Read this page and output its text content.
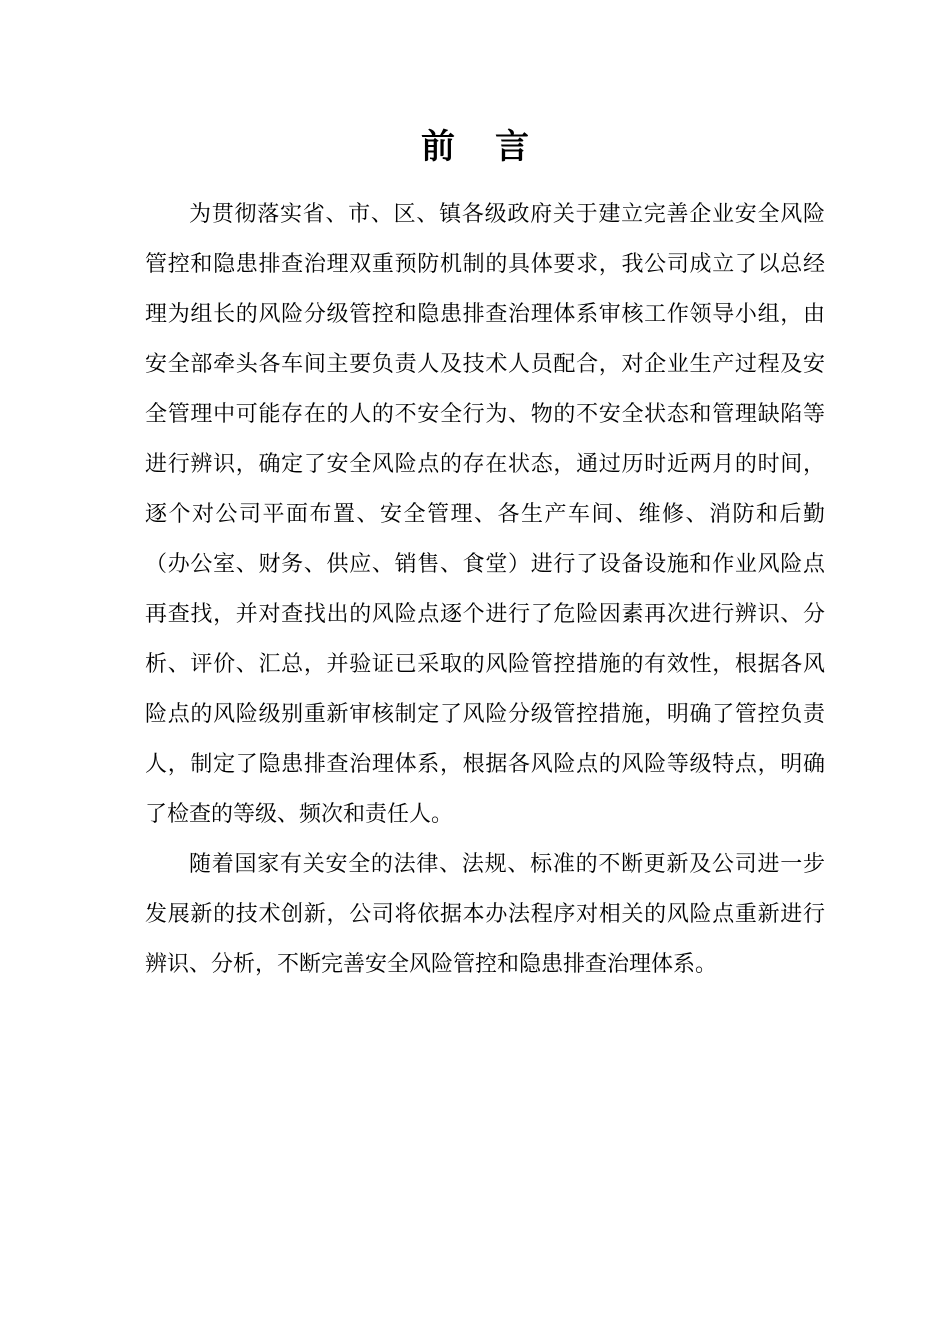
前言

为贯彻落实省、市、区、镇各级政府关于建立完善企业安全风险管控和隐患排查治理双重预防机制的具体要求，我公司成立了以总经理为组长的风险分级管控和隐患排查治理体系审核工作领导小组，由安全部牵头各车间主要负责人及技术人员配合，对企业生产过程及安全管理中可能存在的人的不安全行为、物的不安全状态和管理缺陷等进行辨识，确定了安全风险点的存在状态，通过历时近两月的时间，逐个对公司平面布置、安全管理、各生产车间、维修、消防和后勤（办公室、财务、供应、销售、食堂）进行了设备设施和作业风险点再查找，并对查找出的风险点逐个进行了危险因素再次进行辨识、分析、评价、汇总，并验证已采取的风险管控措施的有效性，根据各风险点的风险级别重新审核制定了风险分级管控措施，明确了管控负责人，制定了隐患排查治理体系，根据各风险点的风险等级特点，明确了检查的等级、频次和责任人。

随着国家有关安全的法律、法规、标准的不断更新及公司进一步发展新的技术创新，公司将依据本办法程序对相关的风险点重新进行辨识、分析，不断完善安全风险管控和隐患排查治理体系。
